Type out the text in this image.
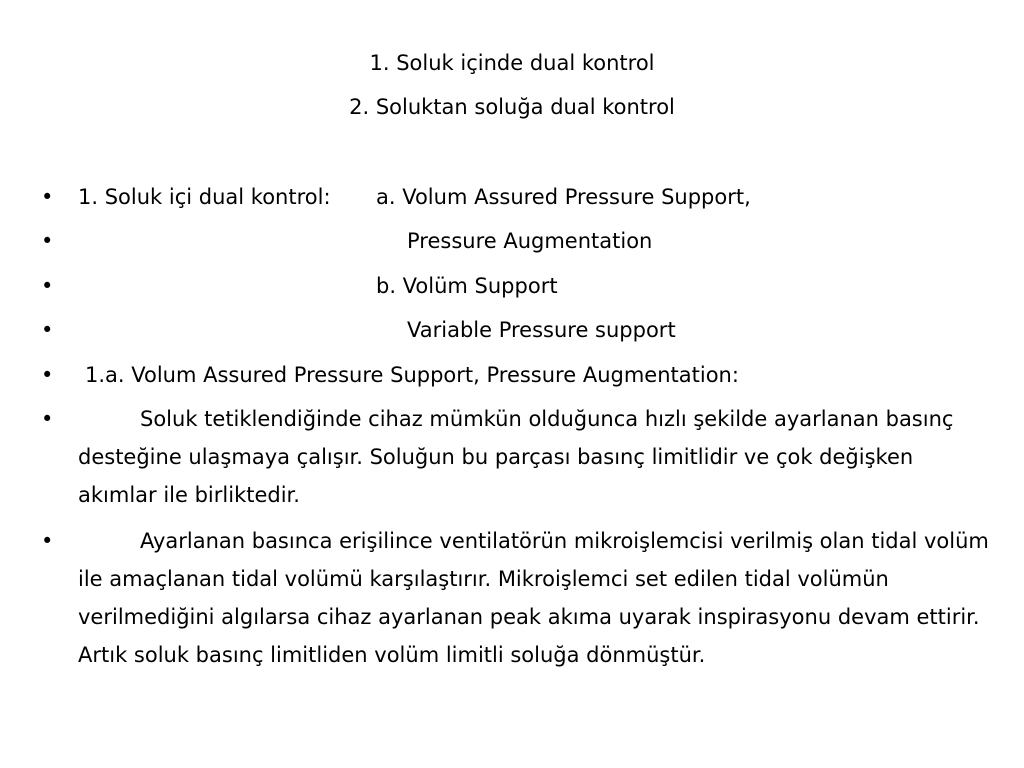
1. Soluk içinde dual kontrol
2. Soluktan soluğa dual kontrol
• 1. Soluk içi dual kontrol: a. Volum Assured Pressure Support,
•	Pressure Augmentation
•	b. Volüm Support
•	Variable Pressure support
• 1.a. Volum Assured Pressure Support, Pressure Augmentation:
•	Soluk tetiklendiğinde cihaz mümkün olduğunca hızlı şekilde ayarlanan basınç desteğine ulaşmaya çalışır. Soluğun bu parçası basınç limitlidir ve çok değişken akımlar ile birliktedir.
•	Ayarlanan basınca erişilince ventilatörün mikroişlemcisi verilmiş olan tidal volüm ile amaçlanan tidal volümü karşılaştırır. Mikroişlemci set edilen tidal volümün verilmediğini algılarsa cihaz ayarlanan peak akıma uyarak inspirasyonu devam ettirir. Artık soluk basınç limitliden volüm limitli soluğa dönmüştür.
